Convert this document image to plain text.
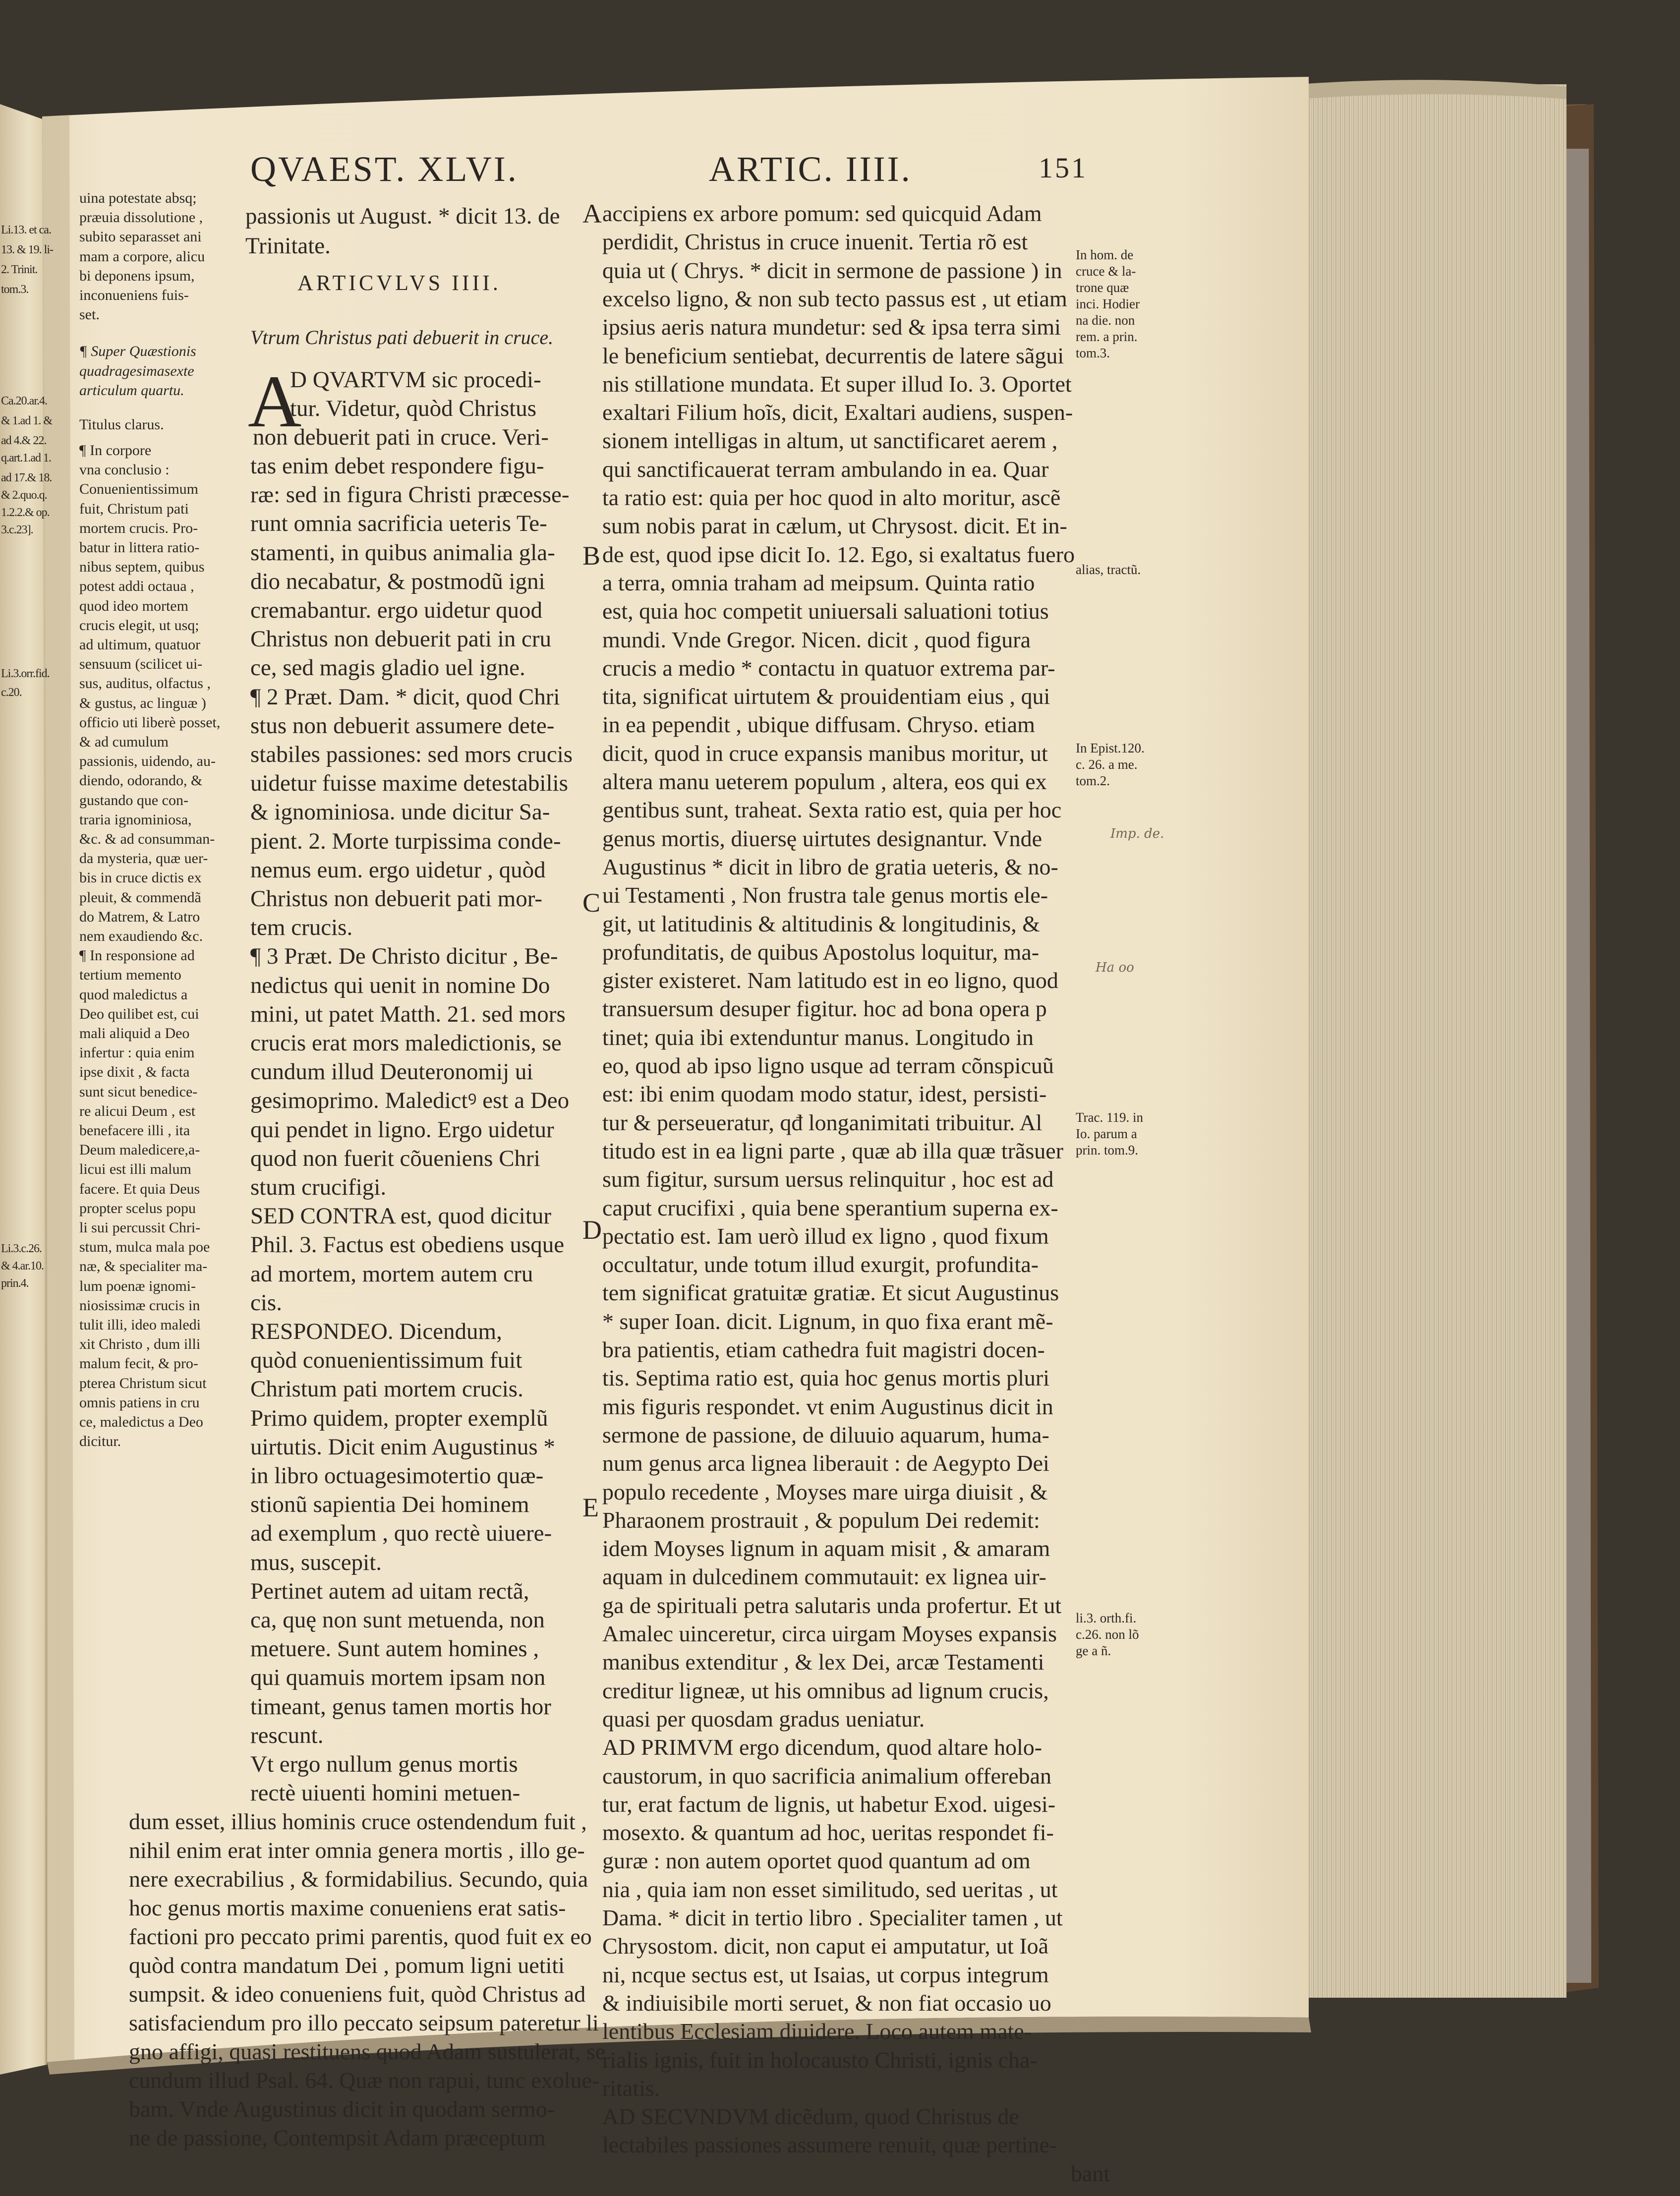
Imp. de.
Ha oo
QVAEST. XLVI.	ARTIC. IIII.	151
Li.13. et ca.
13. & 19. li-
2. Trinit.
tom.3.
Ca.20.ar.4.
& 1.ad 1. &
ad 4.& 22.
q.art.1.ad 1.
ad 17.& 18.
& 2.quo.q.
1.2.2.& op.
3.c.23].
Li.3.orr.fid.
c.20.
Li.3.c.26.
& 4.ar.10.
prin.4.
uina potestate absq;
præuia dissolutione ,
subito separasset ani
mam a corpore, alicu
bi deponens ipsum,
inconueniens fuis-
set.
¶ Super Quæstionis
quadragesimasexte
articulum quartu.
Titulus clarus.
¶ In corpore
vna conclusio :
Conuenientissimum
fuit, Christum pati
mortem crucis. Pro-
batur in littera ratio-
nibus septem, quibus
potest addi octaua ,
quod ideo mortem
crucis elegit, ut usq;
ad ultimum, quatuor
sensuum (scilicet ui-
sus, auditus, olfactus ,
& gustus, ac linguæ )
officio uti liberè posset,
& ad cumulum
passionis, uidendo, au-
diendo, odorando, &
gustando que con-
traria ignominiosa,
&c. & ad consumman-
da mysteria, quæ uer-
bis in cruce dictis ex
pleuit, & commendã
do Matrem, & Latro
nem exaudiendo &c.
¶ In responsione ad
tertium memento
quod maledictus a
Deo quilibet est, cui
mali aliquid a Deo
infertur : quia enim
ipse dixit , & facta
sunt sicut benedice-
re alicui Deum , est
benefacere illi , ita
Deum maledicere,a-
licui est illi malum
facere. Et quia Deus
propter scelus popu
li sui percussit Chri-
stum, mulca mala poe
næ, & specialiter ma-
lum poenæ ignomi-
niosissimæ crucis in
tulit illi, ideo maledi
xit Christo , dum illi
malum fecit, & pro-
pterea Christum sicut
omnis patiens in cru
ce, maledictus a Deo
dicitur.
passionis ut August. * dicit 13. de
Trinitate.
ARTICVLVS IIII.
Vtrum Christus pati debuerit in cruce.
A
D QVARTVM sic procedi-
tur. Videtur, quòd Christus
non debuerit pati in cruce. Veri-
tas enim debet respondere figu-
ræ: sed in figura Christi præcesse-
runt omnia sacrificia ueteris Te-
stamenti, in quibus animalia gla-
dio necabatur, & postmodũ igni
cremabantur. ergo uidetur quod
Christus non debuerit pati in cru
ce, sed magis gladio uel igne.
¶ 2 Præt. Dam. * dicit, quod Chri
stus non debuerit assumere dete-
stabiles passiones: sed mors crucis
uidetur fuisse maxime detestabilis
& ignominiosa. unde dicitur Sa-
pient. 2. Morte turpissima conde-
nemus eum. ergo uidetur , quòd
Christus non debuerit pati mor-
tem crucis.
¶ 3 Præt. De Christo dicitur , Be-
nedictus qui uenit in nomine Do
mini, ut patet Matth. 21. sed mors
crucis erat mors maledictionis, se
cundum illud Deuteronomij ui
gesimoprimo. Maledictꝰ est a Deo
qui pendet in ligno. Ergo uidetur
quod non fuerit cõueniens Chri
stum crucifigi.
SED CONTRA est, quod dicitur
Phil. 3. Factus est obediens usque
ad mortem, mortem autem cru
cis.
RESPONDEO. Dicendum,
quòd conuenientissimum fuit
Christum pati mortem crucis.
Primo quidem, propter exemplũ
uirtutis. Dicit enim Augustinus *
in libro octuagesimotertio quæ-
stionũ sapientia Dei hominem
ad exemplum , quo rectè uiuere-
mus, suscepit.
Pertinet autem ad uitam rectã,
ca, quę non sunt metuenda, non
metuere. Sunt autem homines ,
qui quamuis mortem ipsam non
timeant, genus tamen mortis hor
rescunt.
Vt ergo nullum genus mortis
rectè uiuenti homini metuen-
dum esset, illius hominis cruce ostendendum fuit ,
nihil enim erat inter omnia genera mortis , illo ge-
nere execrabilius , & formidabilius. Secundo, quia
hoc genus mortis maxime conueniens erat satis-
factioni pro peccato primi parentis, quod fuit ex eo
quòd contra mandatum Dei , pomum ligni uetiti
sumpsit. & ideo conueniens fuit, quòd Christus ad
satisfaciendum pro illo peccato seipsum pateretur li
gno affigi, quasi restituens quod Adam sustulerat, se
cundum illud Psal. 64. Quæ non rapui, tunc exolue-
bam. Vnde Augustinus dicit in quodam sermo-
ne de passione, Contempsit Adam præceptum
A
B
C
D
E
accipiens ex arbore pomum: sed quicquid Adam
perdidit, Christus in cruce inuenit. Tertia rõ est
quia ut ( Chrys. * dicit in sermone de passione ) in
excelso ligno, & non sub tecto passus est , ut etiam
ipsius aeris natura mundetur: sed & ipsa terra simi
le beneficium sentiebat, decurrentis de latere sãgui
nis stillatione mundata. Et super illud Io. 3. Oportet
exaltari Filium hoĩs, dicit, Exaltari audiens, suspen-
sionem intelligas in altum, ut sanctificaret aerem ,
qui sanctificauerat terram ambulando in ea. Quar
ta ratio est: quia per hoc quod in alto moritur, ascẽ
sum nobis parat in cælum, ut Chrysost. dicit. Et in-
de est, quod ipse dicit Io. 12. Ego, si exaltatus fuero
a terra, omnia traham ad meipsum. Quinta ratio
est, quia hoc competit uniuersali saluationi totius
mundi. Vnde Gregor. Nicen. dicit , quod figura
crucis a medio * contactu in quatuor extrema par-
tita, significat uirtutem & prouidentiam eius , qui
in ea pependit , ubique diffusam. Chryso. etiam
dicit, quod in cruce expansis manibus moritur, ut
altera manu ueterem populum , altera, eos qui ex
gentibus sunt, traheat. Sexta ratio est, quia per hoc
genus mortis, diuersę uirtutes designantur. Vnde
Augustinus * dicit in libro de gratia ueteris, & no-
ui Testamenti , Non frustra tale genus mortis ele-
git, ut latitudinis & altitudinis & longitudinis, &
profunditatis, de quibus Apostolus loquitur, ma-
gister existeret. Nam latitudo est in eo ligno, quod
transuersum desuper figitur. hoc ad bona opera p
tinet; quia ibi extenduntur manus. Longitudo in
eo, quod ab ipso ligno usque ad terram cõnspicuũ
est: ibi enim quodam modo statur, idest, persisti-
tur & perseueratur, qđ longanimitati tribuitur. Al
titudo est in ea ligni parte , quæ ab illa quæ trãsuer
sum figitur, sursum uersus relinquitur , hoc est ad
caput crucifixi , quia bene sperantium superna ex-
pectatio est. Iam uerò illud ex ligno , quod fixum
occultatur, unde totum illud exurgit, profundita-
tem significat gratuitæ gratiæ. Et sicut Augustinus
* super Ioan. dicit. Lignum, in quo fixa erant mẽ-
bra patientis, etiam cathedra fuit magistri docen-
tis. Septima ratio est, quia hoc genus mortis pluri
mis figuris respondet. vt enim Augustinus dicit in
sermone de passione, de diluuio aquarum, huma-
num genus arca lignea liberauit : de Aegypto Dei
populo recedente , Moyses mare uirga diuisit , &
Pharaonem prostrauit , & populum Dei redemit:
idem Moyses lignum in aquam misit , & amaram
aquam in dulcedinem commutauit: ex lignea uir-
ga de spirituali petra salutaris unda profertur. Et ut
Amalec uinceretur, circa uirgam Moyses expansis
manibus extenditur , & lex Dei, arcæ Testamenti
creditur ligneæ, ut his omnibus ad lignum crucis,
quasi per quosdam gradus ueniatur.
AD PRIMVM ergo dicendum, quod altare holo-
caustorum, in quo sacrificia animalium offereban
tur, erat factum de lignis, ut habetur Exod. uigesi-
mosexto. & quantum ad hoc, ueritas respondet fi-
guræ : non autem oportet quod quantum ad om
nia , quia iam non esset similitudo, sed ueritas , ut
Dama. * dicit in tertio libro . Specialiter tamen , ut
Chrysostom. dicit, non caput ei amputatur, ut Ioã
ni, ncque sectus est, ut Isaias, ut corpus integrum
& indiuisibile morti seruet, & non fiat occasio uo
lentibus Ecclesiam diuidere. Loco autem mate-
rialis ignis, fuit in holocausto Christi, ignis cha-
ritatis.
AD SECVNDVM dicẽdum, quod Christus de
lectabiles passiones assumere renuit, quæ pertine-
bant
In hom. de
cruce & la-
trone quæ
inci. Hodier
na die. non
rem. a prin.
tom.3.
alias, tractũ.
In Epist.120.
c. 26. a me.
tom.2.
Trac. 119. in
Io. parum a
prin. tom.9.
li.3. orth.fi.
c.26. non lõ
ge a ñ.
